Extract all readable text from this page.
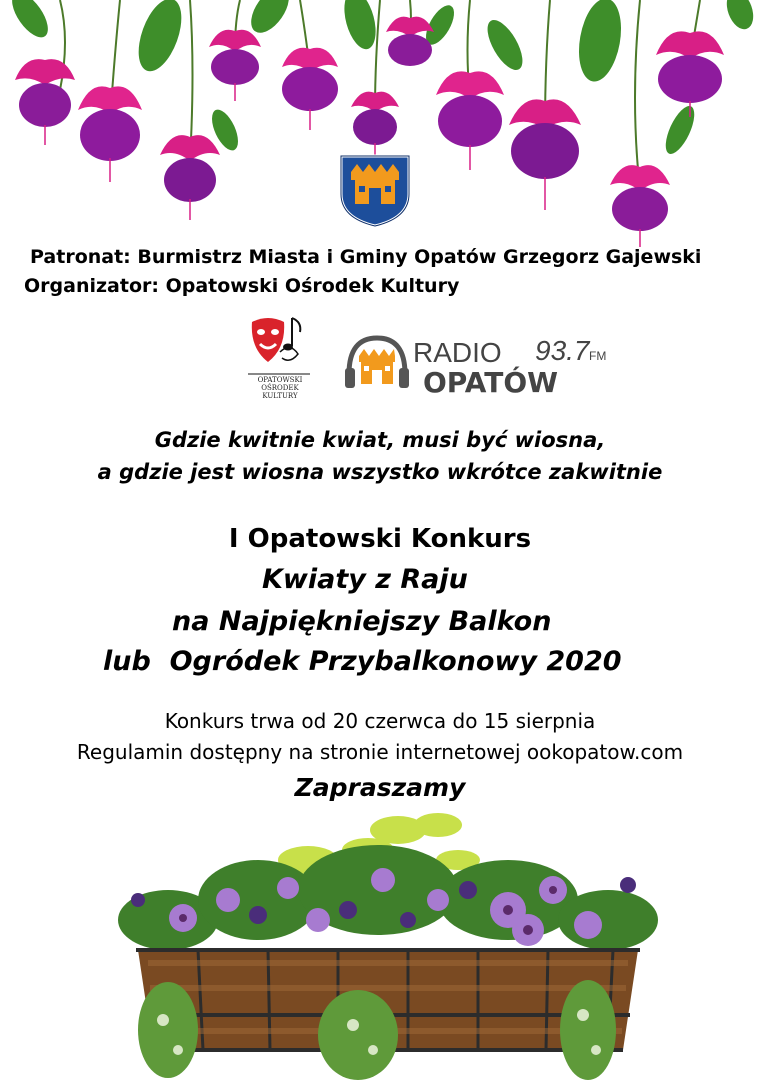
Patronat: Burmistrz Miasta i Gminy Opatów Grzegorz Gajewski
Organizator: Opatowski Ośrodek Kultury
OPATOWSKI
OŚRODEK
KULTURY
RADIO 93.7 FM
OPATÓW
Gdzie kwitnie kwiat, musi być wiosna,
a gdzie jest wiosna wszystko wkrótce zakwitnie
I Opatowski Konkurs
Kwiaty z Raju
na Najpiękniejszy Balkon
lub  Ogródek Przybalkonowy 2020
Konkurs trwa od 20 czerwca do 15 sierpnia
Regulamin dostępny na stronie internetowej ookopatow.com
Zapraszamy
